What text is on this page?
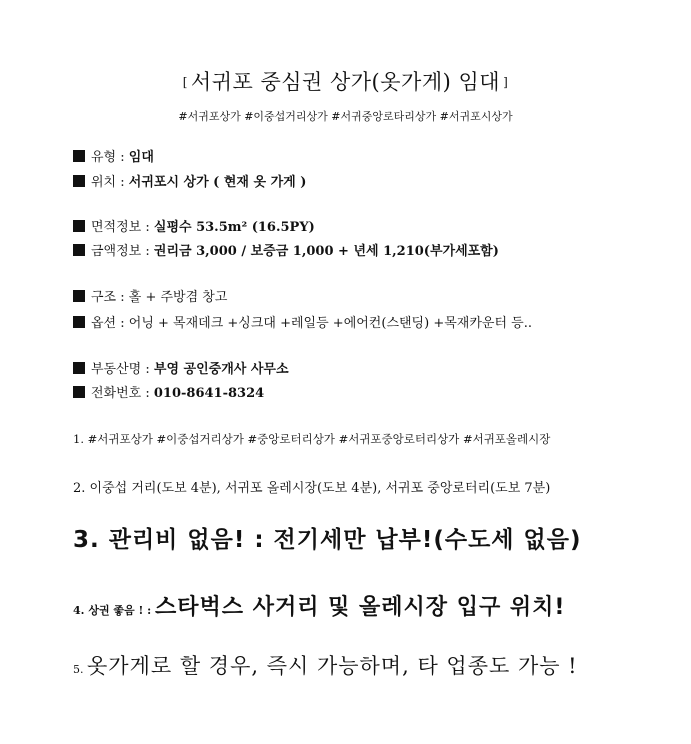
[ 서귀포 중심권 상가(옷가게) 임대 ]
#서귀포상가 #이중섭거리상가 #서귀중앙로타리상가 #서귀포시상가
유형 : 임대
위치 : 서귀포시 상가 ( 현재 옷 가게 )
면적정보 : 실평수 53.5m² (16.5PY)
금액정보 : 권리금 3,000 / 보증금 1,000 + 년세 1,210(부가세포함)
구조 : 홀 + 주방겸 창고
옵션 : 어닝 + 목재데크 +싱크대 +레일등 +에어컨(스탠딩) +목재카운터 등..
부동산명 : 부영 공인중개사 사무소
전화번호 : 010-8641-8324
1. #서귀포상가 #이중섭거리상가 #중앙로터리상가 #서귀포중앙로터리상가 #서귀포올레시장
2. 이중섭 거리(도보 4분), 서귀포 올레시장(도보 4분), 서귀포 중앙로터리(도보 7분)
3. 관리비 없음! : 전기세만 납부!(수도세 없음)
4. 상권 좋음 ! : 스타벅스 사거리 및 올레시장 입구 위치!
5. 옷가게로 할 경우, 즉시 가능하며, 타 업종도 가능 !
